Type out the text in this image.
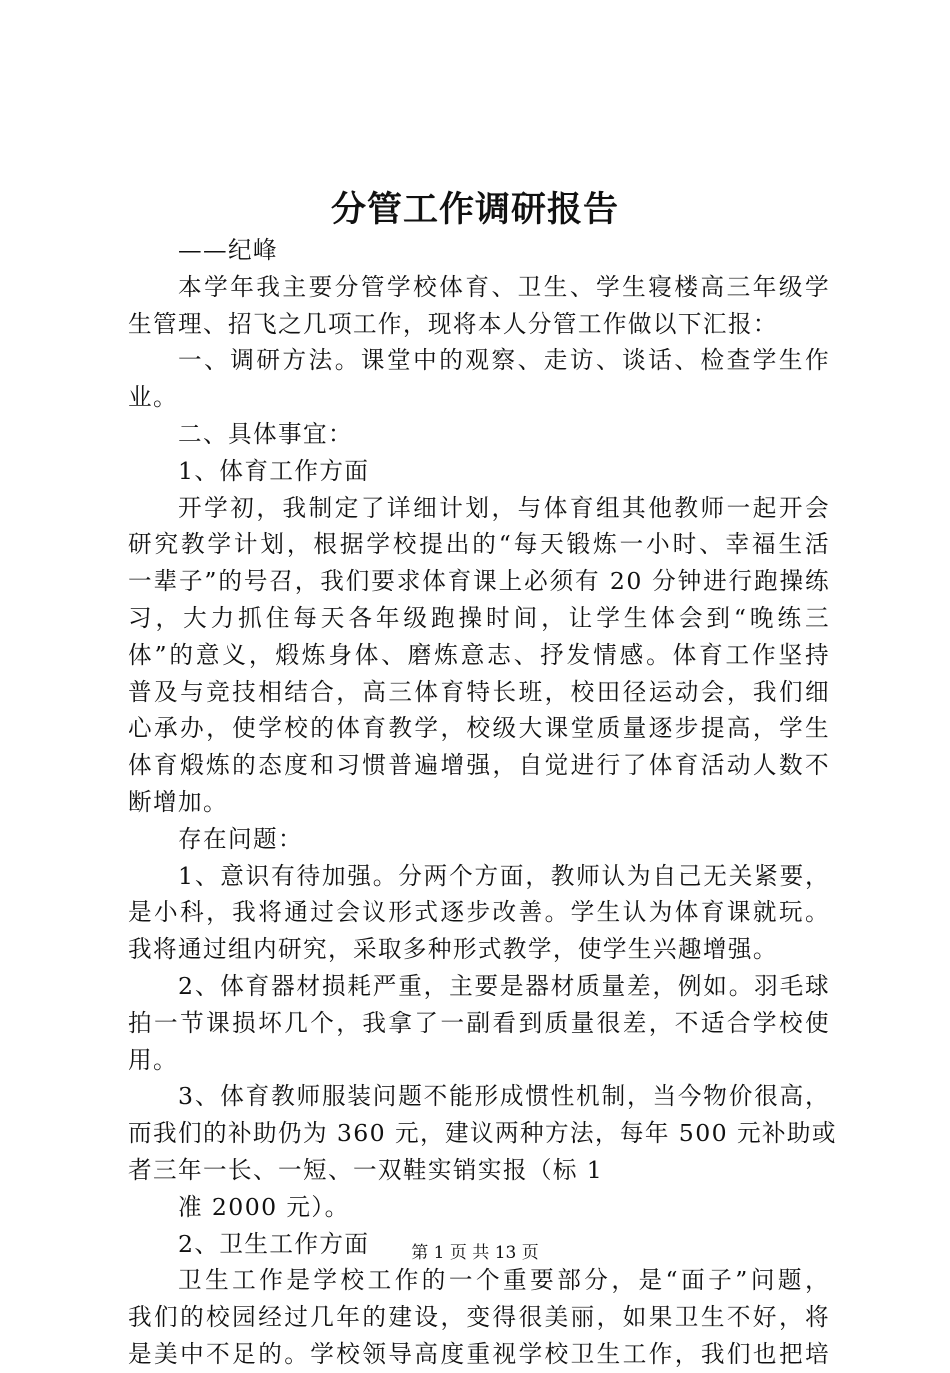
分管工作调研报告
——纪峰
本学年我主要分管学校体育、卫生、学生寝楼高三年级学
生管理、招飞之几项工作，现将本人分管工作做以下汇报：
一、调研方法。课堂中的观察、走访、谈话、检查学生作
业。
二、具体事宜：
1、体育工作方面
开学初，我制定了详细计划，与体育组其他教师一起开会
研究教学计划，根据学校提出的“每天锻炼一小时、幸福生活
一辈子”的号召，我们要求体育课上必须有 20 分钟进行跑操练
习，大力抓住每天各年级跑操时间，让学生体会到“晚练三
体”的意义，煅炼身体、磨炼意志、抒发情感。体育工作坚持
普及与竞技相结合，高三体育特长班，校田径运动会，我们细
心承办，使学校的体育教学，校级大课堂质量逐步提高，学生
体育煅炼的态度和习惯普遍增强，自觉进行了体育活动人数不
断增加。
存在问题：
1、意识有待加强。分两个方面，教师认为自己无关紧要，
是小科，我将通过会议形式逐步改善。学生认为体育课就玩。
我将通过组内研究，采取多种形式教学，使学生兴趣增强。
2、体育器材损耗严重，主要是器材质量差，例如。羽毛球
拍一节课损坏几个，我拿了一副看到质量很差，不适合学校使
用。
3、体育教师服装问题不能形成惯性机制，当今物价很高，
而我们的补助仍为 360 元，建议两种方法，每年 500 元补助或
者三年一长、一短、一双鞋实销实报（标 1
准 2000 元）。
2、卫生工作方面
卫生工作是学校工作的一个重要部分，是“面子”问题，
我们的校园经过几年的建设，变得很美丽，如果卫生不好，将
是美中不足的。学校领导高度重视学校卫生工作，我们也把培
第 1 页 共 13 页
